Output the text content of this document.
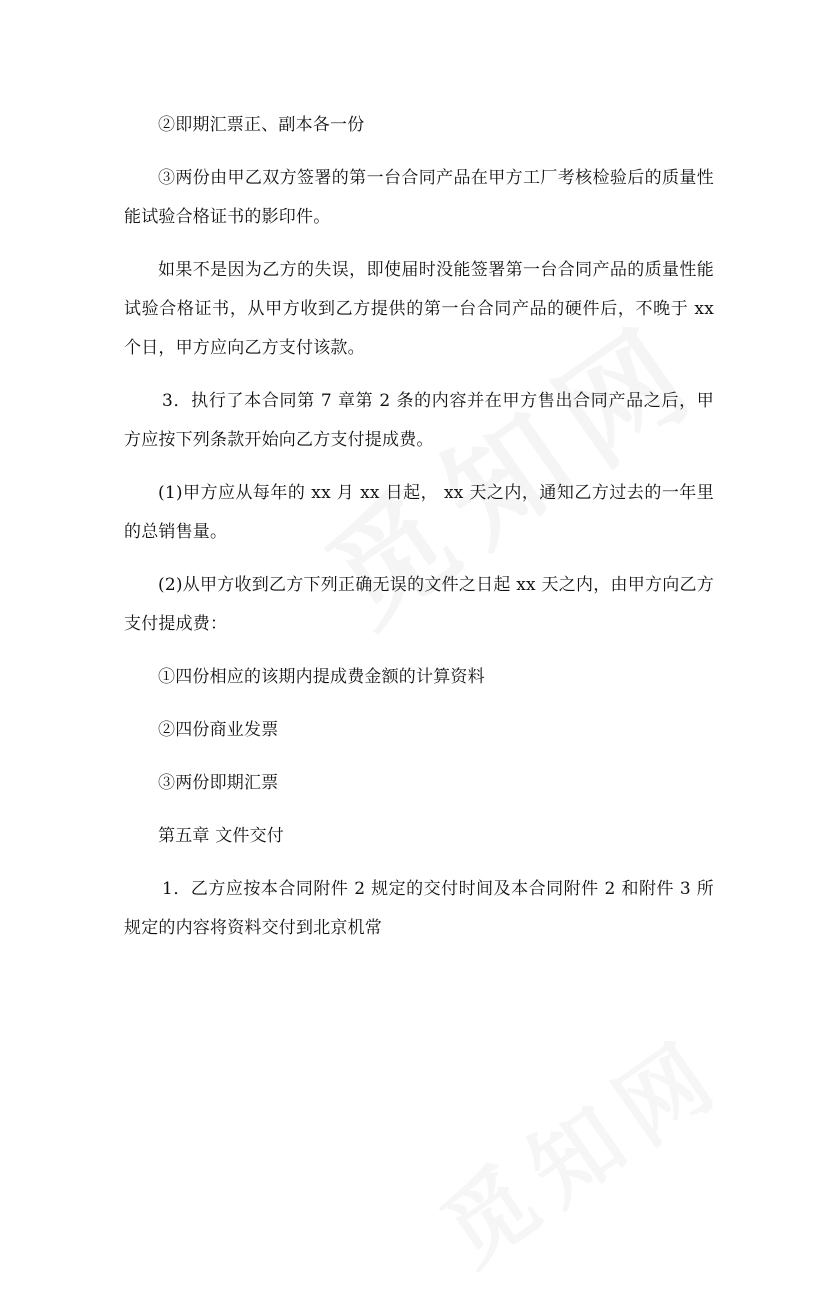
②即期汇票正、副本各一份

③两份由甲乙双方签署的第一台合同产品在甲方工厂考核检验后的质量性能试验合格证书的影印件。

如果不是因为乙方的失误，即使届时没能签署第一台合同产品的质量性能试验合格证书，从甲方收到乙方提供的第一台合同产品的硬件后，不晚于 xx 个日，甲方应向乙方支付该款。

3．执行了本合同第 7 章第 2 条的内容并在甲方售出合同产品之后，甲方应按下列条款开始向乙方支付提成费。

(1)甲方应从每年的 xx 月 xx 日起， xx 天之内，通知乙方过去的一年里的总销售量。

(2)从甲方收到乙方下列正确无误的文件之日起 xx 天之内，由甲方向乙方支付提成费：

①四份相应的该期内提成费金额的计算资料

②四份商业发票

③两份即期汇票

第五章 文件交付

1．乙方应按本合同附件 2 规定的交付时间及本合同附件 2 和附件 3 所规定的内容将资料交付到北京机常
